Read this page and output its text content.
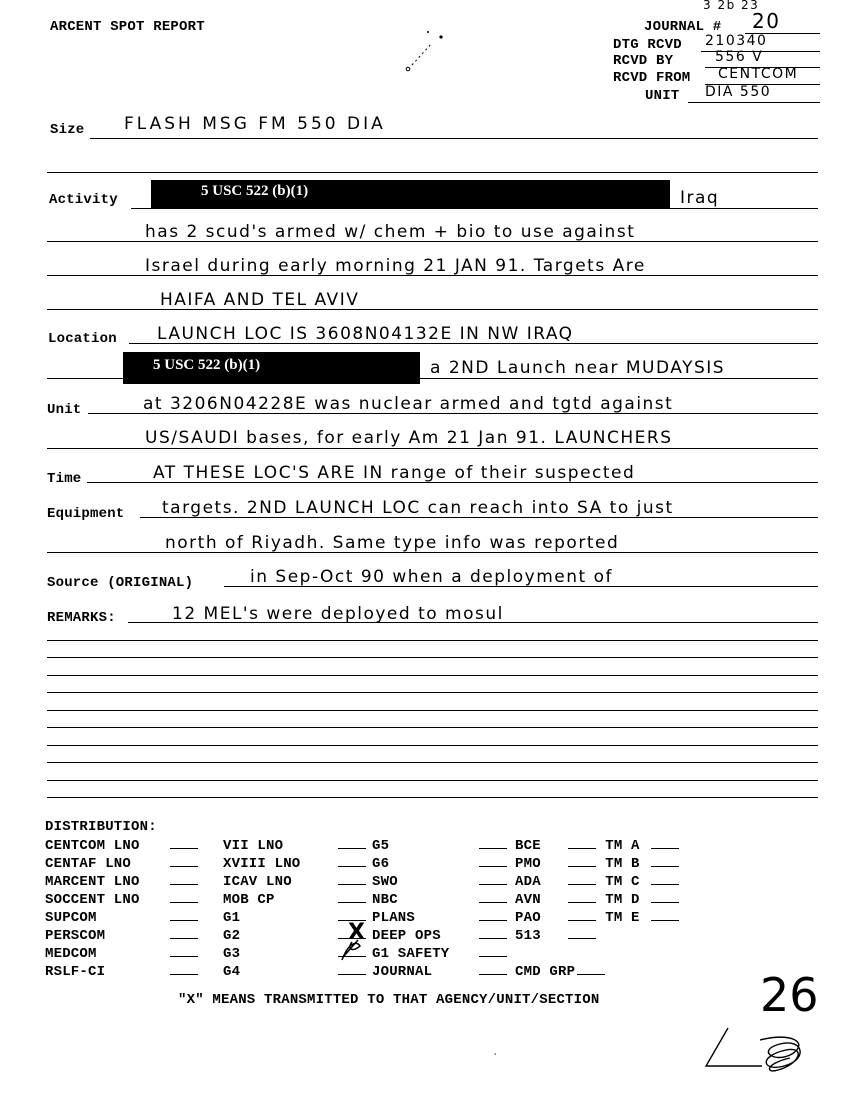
ARCENT SPOT REPORT
3 2b 23
JOURNAL # 20
DTG RCVD 210340
RCVD BY	556 V
RCVD FROM CENTCOM
UNIT DIA 550
Size FLASH MSG FM 550 DIA
Activity
5 USC 522 (b)(1)	Iraq
has 2 scud's armed w/ chem + bio to use against
Israel during early morning 21 JAN 91. Targets Are
HAIFA AND TEL AVIV
Location LAUNCH LOC IS 3608N04132E IN NW IRAQ
5 USC 522 (b)(1)	a 2ND Launch near MUDAYSIS
Unit	at 3206N04228E was nuclear armed and tgtd against
US/SAUDI bases, for early Am 21 Jan 91. LAUNCHERS
Time	AT THESE LOC'S ARE IN range of their suspected
Equipment targets. 2ND LAUNCH LOC can reach into SA to just
north of Riyadh. Same type info was reported
Source (ORIGINAL)	in Sep-Oct 90 when a deployment of
REMARKS:	12 MEL's were deployed to mosul
DISTRIBUTION:
CENTCOM LNO		VII LNO		G5		BCE		TM A	
CENTAF LNO		XVIII LNO		G6		PMO		TM B	
MARCENT LNO		ICAV LNO		SWO		ADA		TM C	
SOCCENT LNO		MOB CP		NBC		AVN		TM D	
SUPCOM		G1		PLANS		PAO		TM E	
PERSCOM		G2	X	DEEP OPS		513			
MEDCOM		G3		G1 SAFETY					
RSLF-CI		G4		JOURNAL		CMD GRP			
"X" MEANS TRANSMITTED TO THAT AGENCY/UNIT/SECTION	26
'
